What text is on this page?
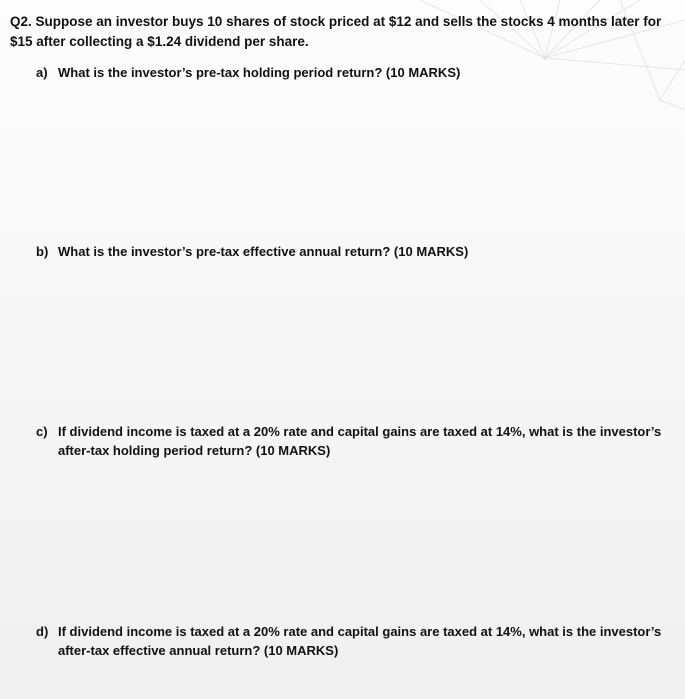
Q2. Suppose an investor buys 10 shares of stock priced at $12 and sells the stocks 4 months later for $15 after collecting a $1.24 dividend per share.

a) What is the investor’s pre-tax holding period return? (10 MARKS)
b) What is the investor’s pre-tax effective annual return? (10 MARKS)
c) If dividend income is taxed at a 20% rate and capital gains are taxed at 14%, what is the investor’s after-tax holding period return? (10 MARKS)
d) If dividend income is taxed at a 20% rate and capital gains are taxed at 14%, what is the investor’s after-tax effective annual return? (10 MARKS)
